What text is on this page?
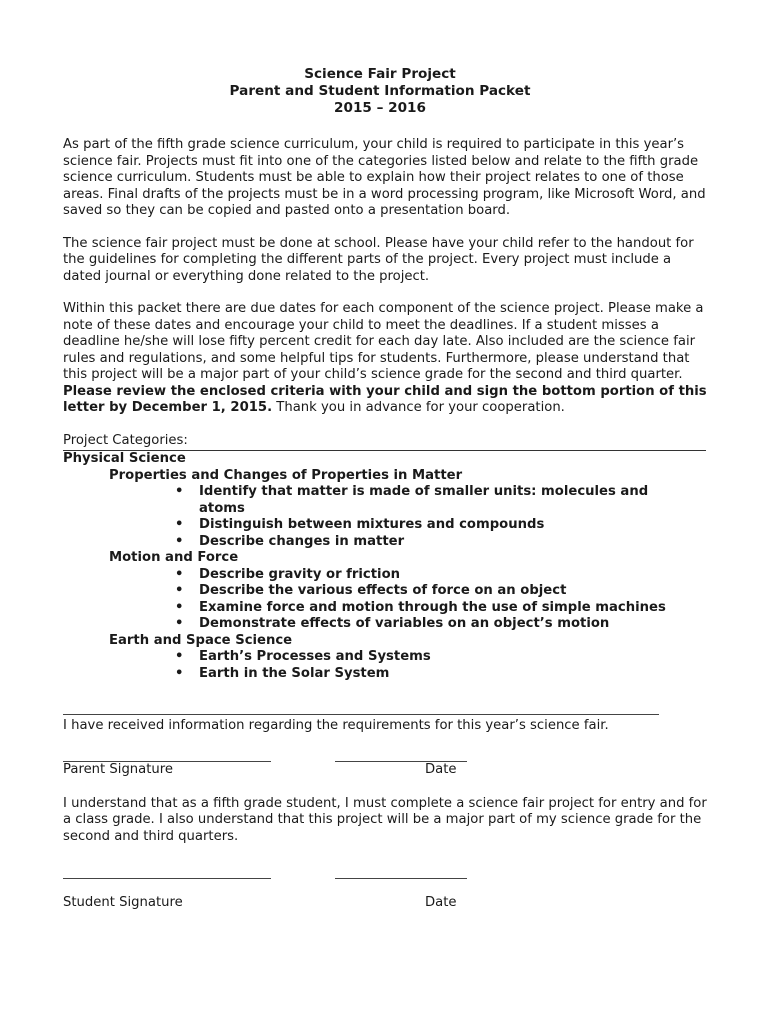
Science Fair Project
Parent and Student Information Packet
2015 – 2016
As part of the fifth grade science curriculum, your child is required to participate in this year’s science fair. Projects must fit into one of the categories listed below and relate to the fifth grade science curriculum. Students must be able to explain how their project relates to one of those areas. Final drafts of the projects must be in a word processing program, like Microsoft Word, and saved so they can be copied and pasted onto a presentation board.
The science fair project must be done at school. Please have your child refer to the handout for the guidelines for completing the different parts of the project. Every project must include a dated journal or everything done related to the project.
Within this packet there are due dates for each component of the science project. Please make a note of these dates and encourage your child to meet the deadlines. If a student misses a deadline he/she will lose fifty percent credit for each day late. Also included are the science fair rules and regulations, and some helpful tips for students. Furthermore, please understand that this project will be a major part of your child’s science grade for the second and third quarter. Please review the enclosed criteria with your child and sign the bottom portion of this letter by December 1, 2015. Thank you in advance for your cooperation.
Project Categories:
Physical Science
Properties and Changes of Properties in Matter
• Identify that matter is made of smaller units: molecules and
atoms
• Distinguish between mixtures and compounds
• Describe changes in matter
Motion and Force
• Describe gravity or friction
• Describe the various effects of force on an object
• Examine force and motion through the use of simple machines
• Demonstrate effects of variables on an object’s motion
Earth and Space Science
• Earth’s Processes and Systems
• Earth in the Solar System
I have received information regarding the requirements for this year’s science fair.
Parent Signature	Date
I understand that as a fifth grade student, I must complete a science fair project for entry and for a class grade. I also understand that this project will be a major part of my science grade for the second and third quarters.
Student Signature	Date
